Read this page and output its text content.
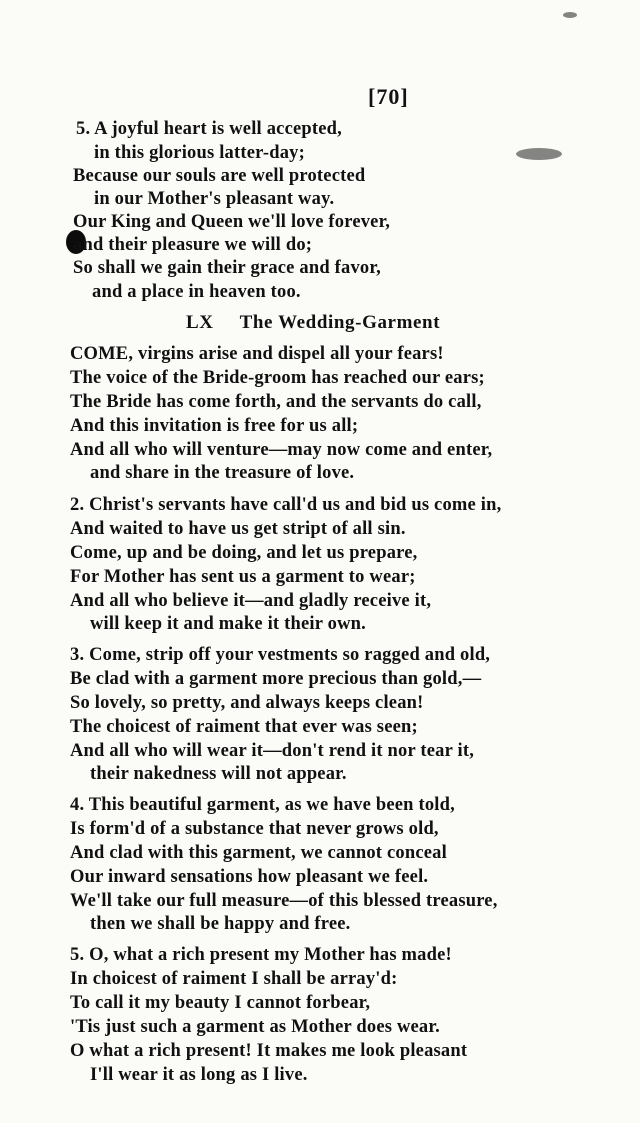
[70]
5. A joyful heart is well accepted,
in this glorious latter-day;
Because our souls are well protected
in our Mother's pleasant way.
Our King and Queen we'll love forever,
and their pleasure we will do;
So shall we gain their grace and favor,
and a place in heaven too.
LX The Wedding-Garment
COME, virgins arise and dispel all your fears!
The voice of the Bride-groom has reached our ears;
The Bride has come forth, and the servants do call,
And this invitation is free for us all;
And all who will venture—may now come and enter,
and share in the treasure of love.
2. Christ's servants have call'd us and bid us come in,
And waited to have us get stript of all sin.
Come, up and be doing, and let us prepare,
For Mother has sent us a garment to wear;
And all who believe it—and gladly receive it,
will keep it and make it their own.
3. Come, strip off your vestments so ragged and old,
Be clad with a garment more precious than gold,—
So lovely, so pretty, and always keeps clean!
The choicest of raiment that ever was seen;
And all who will wear it—don't rend it nor tear it,
their nakedness will not appear.
4. This beautiful garment, as we have been told,
Is form'd of a substance that never grows old,
And clad with this garment, we cannot conceal
Our inward sensations how pleasant we feel.
We'll take our full measure—of this blessed treasure,
then we shall be happy and free.
5. O, what a rich present my Mother has made!
In choicest of raiment I shall be array'd:
To call it my beauty I cannot forbear,
'Tis just such a garment as Mother does wear.
O what a rich present! It makes me look pleasant
I'll wear it as long as I live.
